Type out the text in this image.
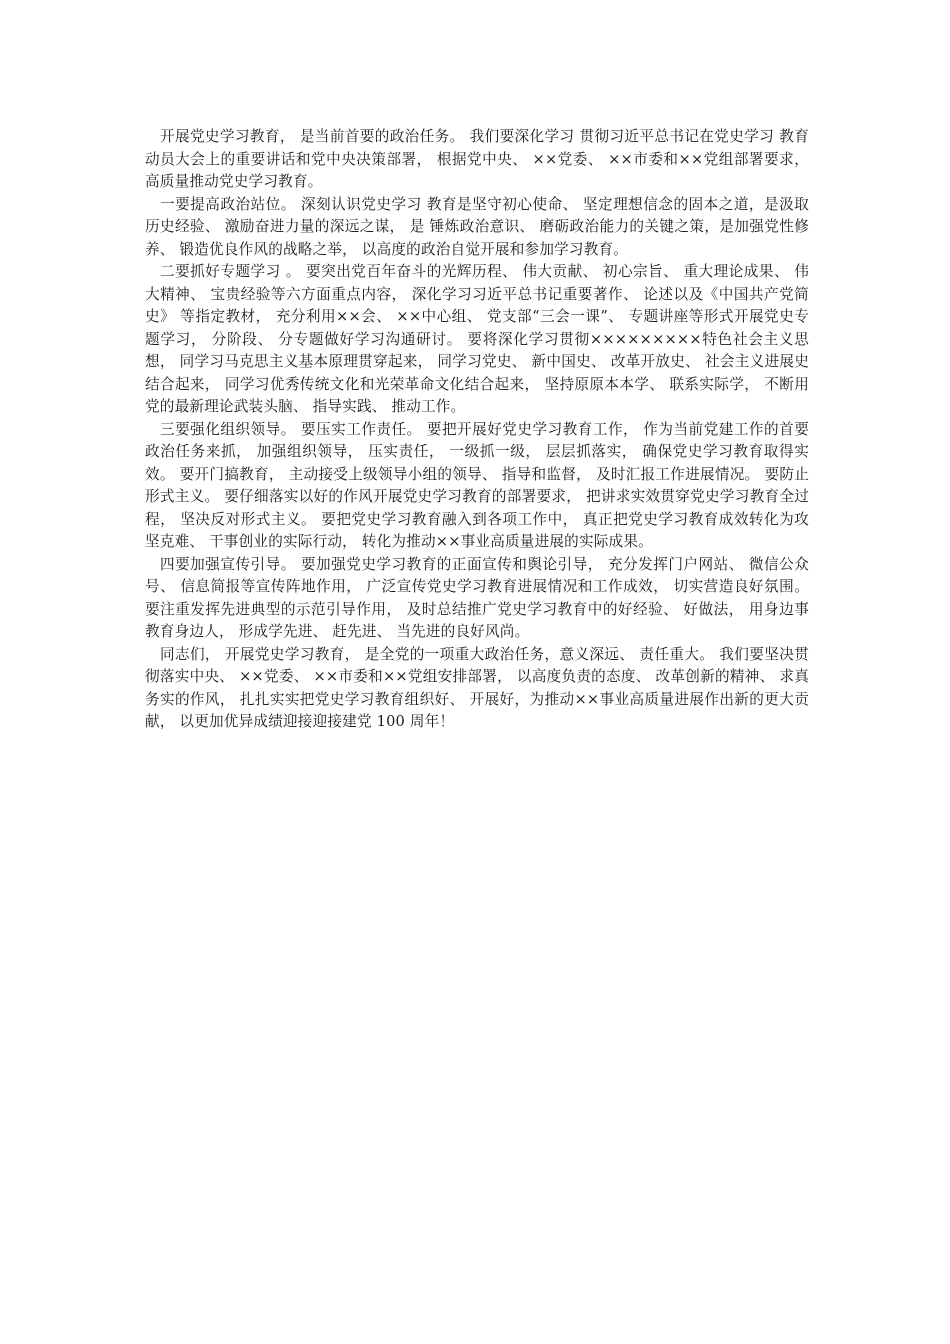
开展党史学习教育， 是当前首要的政治任务。 我们要深化学习 贯彻习近平总书记在党史学习 教育动员大会上的重要讲话和党中央决策部署， 根据党中央、 ××党委、 ××市委和××党组部署要求， 高质量推动党史学习教育。

一要提高政治站位。 深刻认识党史学习 教育是坚守初心使命、 坚定理想信念的固本之道，是汲取历史经验、 激励奋进力量的深远之谋， 是 锤炼政治意识、 磨砺政治能力的关键之策，是加强党性修养、 锻造优良作风的战略之举， 以高度的政治自觉开展和参加学习教育。

二要抓好专题学习 。 要突出党百年奋斗的光辉历程、 伟大贡献、 初心宗旨、 重大理论成果、 伟大精神、 宝贵经验等六方面重点内容， 深化学习习近平总书记重要著作、 论述以及《中国共产党简史》 等指定教材， 充分利用××会、 ××中心组、 党支部“三会一课”、 专题讲座等形式开展党史专题学习， 分阶段、 分专题做好学习沟通研讨。 要将深化学习贯彻×××××××××特色社会主义思想， 同学习马克思主义基本原理贯穿起来， 同学习党史、 新中国史、 改革开放史、 社会主义进展史结合起来， 同学习优秀传统文化和光荣革命文化结合起来， 坚持原原本本学、 联系实际学， 不断用党的最新理论武装头脑、 指导实践、 推动工作。

三要强化组织领导。 要压实工作责任。 要把开展好党史学习教育工作， 作为当前党建工作的首要政治任务来抓， 加强组织领导， 压实责任， 一级抓一级， 层层抓落实， 确保党史学习教育取得实效。 要开门搞教育， 主动接受上级领导小组的领导、 指导和监督， 及时汇报工作进展情况。 要防止形式主义。 要仔细落实以好的作风开展党史学习教育的部署要求， 把讲求实效贯穿党史学习教育全过程， 坚决反对形式主义。 要把党史学习教育融入到各项工作中， 真正把党史学习教育成效转化为攻坚克难、 干事创业的实际行动， 转化为推动××事业高质量进展的实际成果。

四要加强宣传引导。 要加强党史学习教育的正面宣传和舆论引导， 充分发挥门户网站、 微信公众号、 信息简报等宣传阵地作用， 广泛宣传党史学习教育进展情况和工作成效， 切实营造良好氛围。 要注重发挥先进典型的示范引导作用， 及时总结推广党史学习教育中的好经验、 好做法， 用身边事教育身边人， 形成学先进、 赶先进、 当先进的良好风尚。

同志们， 开展党史学习教育， 是全党的一项重大政治任务，意义深远、 责任重大。 我们要坚决贯彻落实中央、 ××党委、 ××市委和××党组安排部署， 以高度负责的态度、 改革创新的精神、 求真务实的作风， 扎扎实实把党史学习教育组织好、 开展好，为推动××事业高质量进展作出新的更大贡献， 以更加优异成绩迎接迎接建党 100 周年！
